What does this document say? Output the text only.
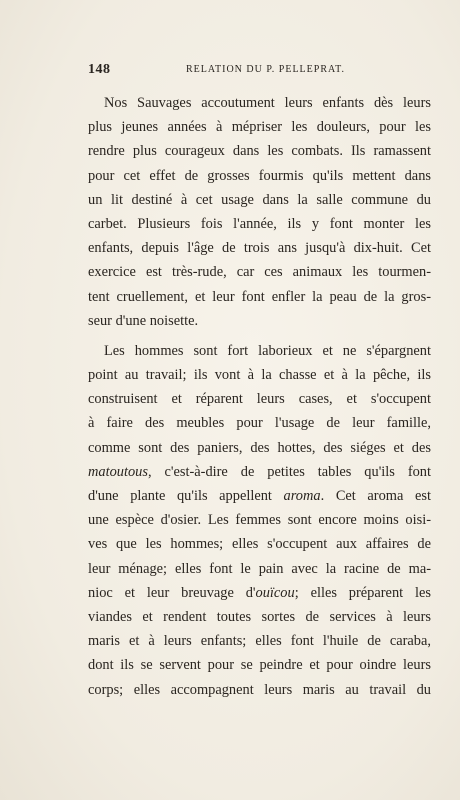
148	RELATION DU P. PELLEPRAT.
Nos Sauvages accoutument leurs enfants dès leurs
plus jeunes années à mépriser les douleurs, pour les
rendre plus courageux dans les combats. Ils ramassent
pour cet effet de grosses fourmis qu'ils mettent dans
un lit destiné à cet usage dans la salle commune du
carbet. Plusieurs fois l'année, ils y font monter les
enfants, depuis l'âge de trois ans jusqu'à dix-huit. Cet
exercice est très-rude, car ces animaux les tourmen-
tent cruellement, et leur font enfler la peau de la gros-
seur d'une noisette.
Les hommes sont fort laborieux et ne s'épargnent
point au travail; ils vont à la chasse et à la pêche, ils
construisent et réparent leurs cases, et s'occupent
à faire des meubles pour l'usage de leur famille,
comme sont des paniers, des hottes, des siéges et des
matoutous, c'est-à-dire de petites tables qu'ils font
d'une plante qu'ils appellent aroma. Cet aroma est
une espèce d'osier. Les femmes sont encore moins oisi-
ves que les hommes; elles s'occupent aux affaires de
leur ménage; elles font le pain avec la racine de ma-
nioc et leur breuvage d'ouïcou; elles préparent les
viandes et rendent toutes sortes de services à leurs
maris et à leurs enfants; elles font l'huile de caraba,
dont ils se servent pour se peindre et pour oindre leurs
corps; elles accompagnent leurs maris au travail du
